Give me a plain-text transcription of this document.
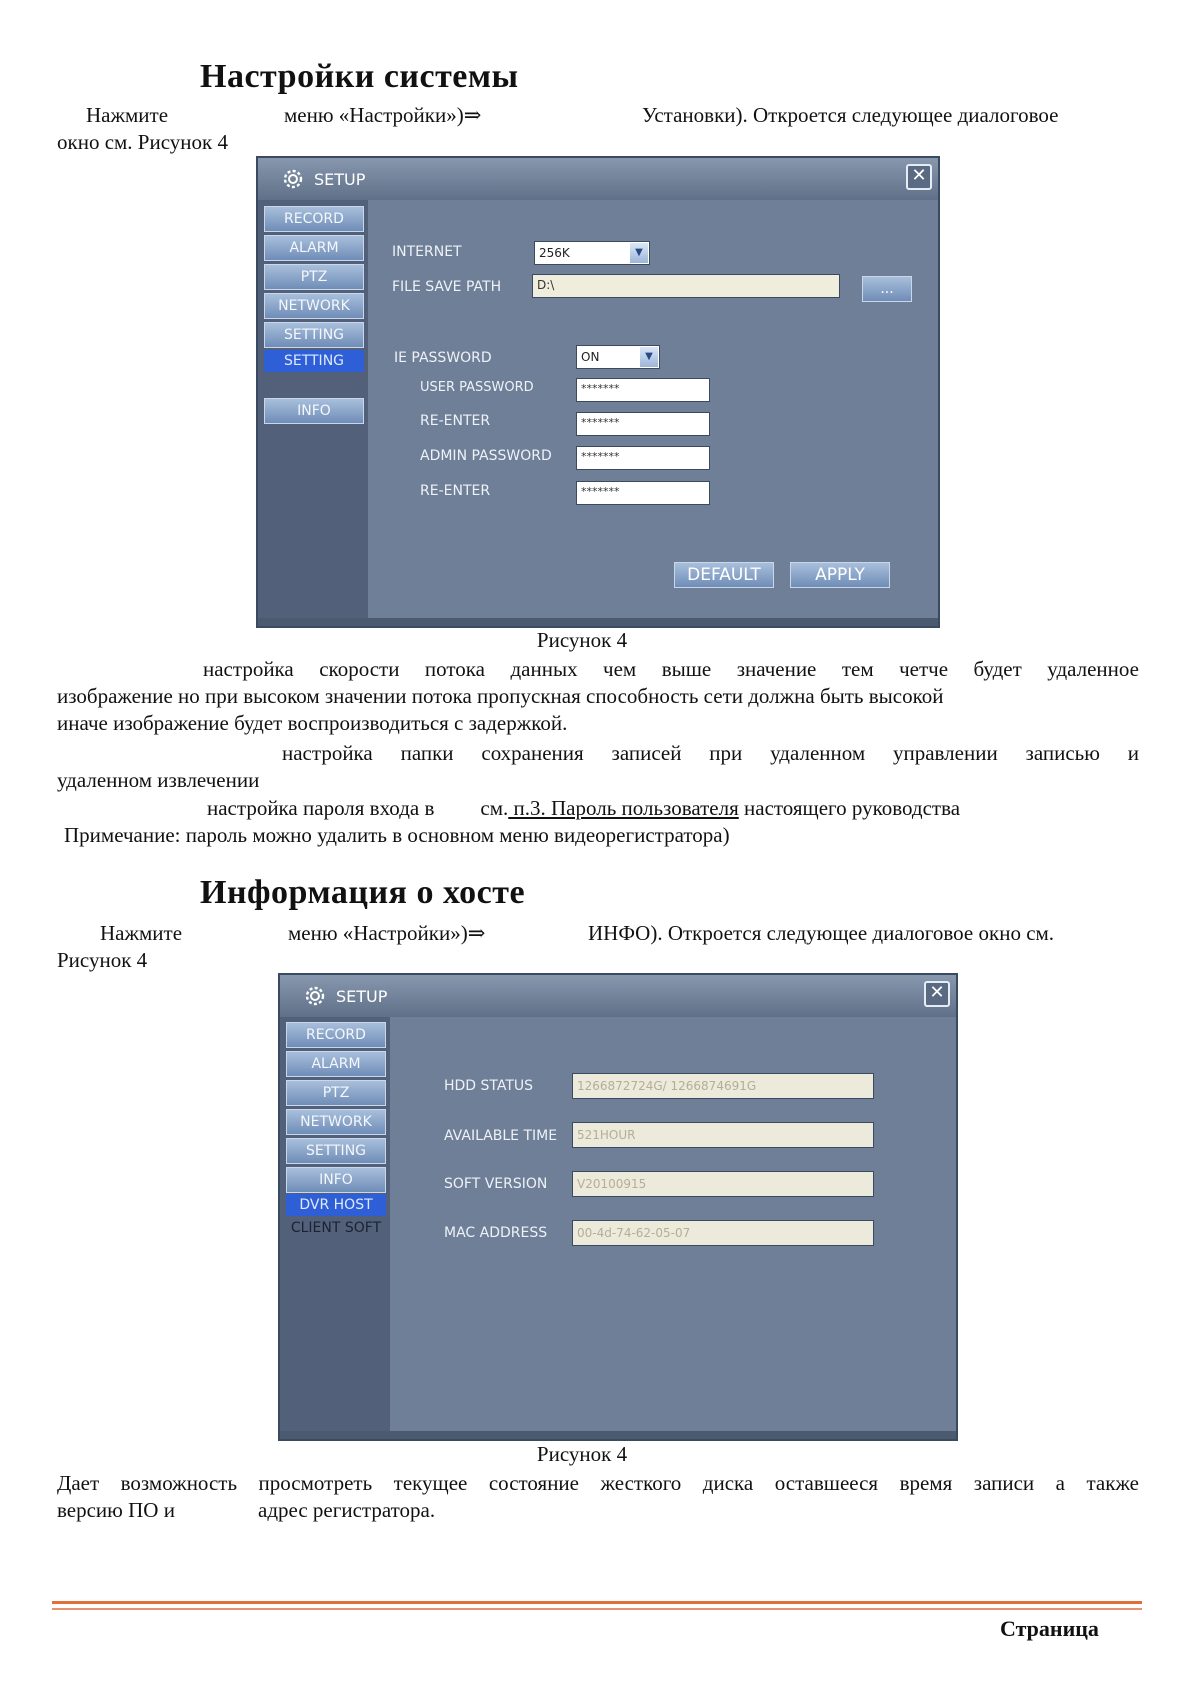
Настройки системы
Нажмите	меню «Настройки»)⇒	Установки). Откроется следующее диалоговое
окно см. Рисунок 4
SETUP	✕
RECORD
ALARM
PTZ
NETWORK
SETTING
SETTING
INFO
INTERNET	256K	▼
FILE SAVE PATH	D:\	...
IE PASSWORD	ON	▼
USER PASSWORD	*******
RE-ENTER	*******
ADMIN PASSWORD	*******
RE-ENTER	*******
DEFAULT	APPLY
Рисунок 4
настройка скорости потока данных чем выше значение тем четче будет удаленное
изображение но при высоком значении потока пропускная способность сети должна быть высокой
иначе изображение будет воспроизводиться с задержкой.
настройка папки сохранения записей при удаленном управлении записью и
удаленном извлечении
настройка пароля входа в см. п.3. Пароль пользователя настоящего руководства
Примечание: пароль можно удалить в основном меню видеорегистратора)
Информация о хосте
Нажмите	меню «Настройки»)⇒	ИНФО). Откроется следующее диалоговое окно см.
Рисунок 4
SETUP	✕
RECORD
ALARM
PTZ
NETWORK
SETTING
INFO
DVR HOST
CLIENT SOFT
HDD STATUS	1266872724G/ 1266874691G
AVAILABLE TIME	521HOUR
SOFT VERSION	V20100915
MAC ADDRESS	00-4d-74-62-05-07
Рисунок 4
Дает возможность просмотреть текущее состояние жесткого диска оставшееся время записи а также
версию ПО и	адрес регистратора.
Страница
